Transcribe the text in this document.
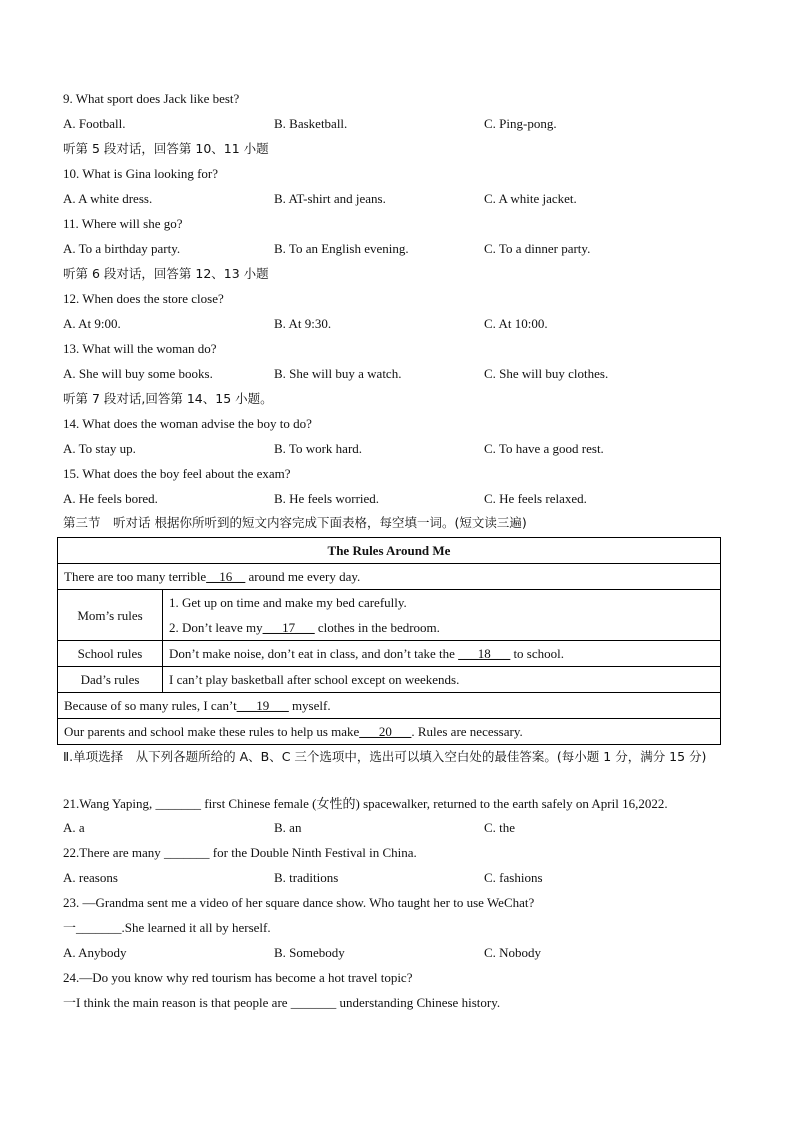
9. What sport does Jack like best?
A. Football.	B. Basketball.	C. Ping-pong.
听第 5 段对话，回答第 10、11 小题
10. What is Gina looking for?
A. A white dress.	B. AT-shirt and jeans.	C. A white jacket.
11. Where will she go?
A. To a birthday party.	B. To an English evening.	C. To a dinner party.
听第 6 段对话，回答第 12、13 小题
12. When does the store close?
A. At 9:00.	B. At 9:30.	C. At 10:00.
13. What will the woman do?
A. She will buy some books.	B. She will buy a watch.	C. She will buy clothes.
听第 7 段对话,回答第 14、15 小题。
14. What does the woman advise the boy to do?
A. To stay up.	B. To work hard.	C. To have a good rest.
15. What does the boy feel about the exam?
A. He feels bored.	B. He feels worried.	C. He feels relaxed.
第三节　听对话 根据你所听到的短文内容完成下面表格，每空填一词。(短文读三遍)
The Rules Around Me	
There are too many terrible__16__ around me every day.	
Mom’s rules	1. Get up on time and make my bed carefully.
2. Don’t leave my___17___ clothes in the bedroom.

School rules	Don’t make noise, don’t eat in class, and don’t take the ___18___ to school.
Dad’s rules	I can’t play basketball after school except on weekends.
Because of so many rules, I can’t___19___ myself.	
Our parents and school make these rules to help us make___20___. Rules are necessary.	
Ⅱ.单项选择　从下列各题所给的 A、B、C 三个选项中，选出可以填入空白处的最佳答案。(每小题 1 分，满分 15 分)
21.Wang Yaping, _______ first Chinese female (女性的) spacewalker, returned to the earth safely on April 16,2022.
A. a	B. an	C. the
22.There are many _______ for the Double Ninth Festival in China.
A. reasons	B. traditions	C. fashions
23. —Grandma sent me a video of her square dance show. Who taught her to use WeChat?
一_______.She learned it all by herself.
A. Anybody	B. Somebody	C. Nobody
24.—Do you know why red tourism has become a hot travel topic?
一I think the main reason is that people are _______ understanding Chinese history.
